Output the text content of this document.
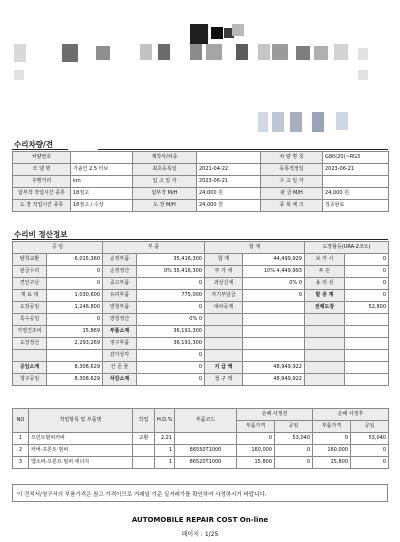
수리차량/견
차량번호		제작사/차종		차 량 명 칭	G80(20)~RG3
모 델 명	가솔린 2.5 터보	최초등록일	2021-04-22	등록적정일	2023-06-21
주행거리	km	입 고 일 자	2023-06-21	수 고 일 자	
탐부작 작업시간 종류	18점고	탐부작 M/H	24,000 원	판 금 M/H	24,000 원
도 장 작업시간 종류	18점고 / 수상	도 장 M/H	24,000 원	종 복 체 크	검증완료
수리비 정산정보
공 임		부 품		합 계		도장왕등(URA-2코트)	
탈착교환	6,015,360	순정부품	35,416,300	합 계	44,499,929	보 카 시	0
판금수리	0	순정정산	0% 35,416,300	부 가 세	10% 4,449,993	두 돈	0
견인구난	0	중고부품	0	과상신계	0% 0	용 리 성	0
재 료 대	1,030,600	유리부품	775,000	자기부담금	0	할 증 계	0
도장공임	1,246,800	방청부품	0	대차공제		전체도장	52,800
특수공임	0	방청정산	0% 0				
가열건조비	15,869	부품소계	36,191,300				
도장정산	2,293,269	정구부품	36,191,300				
		감가상각	0				
공임소계	8,308,629	잔 존 물	0	지 급 액	48,949,922		
청구공임	8,308,629	차감소계	0	청 구 액	48,949,922		
NO	작업항목 및 부품명	작업	H.D.%	부품코드	손해 사정전		손해 사정후	
					부품가격	공임	부품가격	공임
1	프런트범퍼커버	교환	2.21		0	53,040	0	53,040
2	커버-프론트 범퍼		1	86550T1000	160,000	0	160,000	0
3	앱소버-프론트 범퍼 에너지		1	86520T1000	15,800	0	15,800	0
이 견적서/청구서의 부품가격은 참고 가격이므로 거래일 기준 실거래가를 확인하여 사정하시기 바랍니다.
AUTOMOBILE REPAIR COST On-line
페이지 : 1/25
